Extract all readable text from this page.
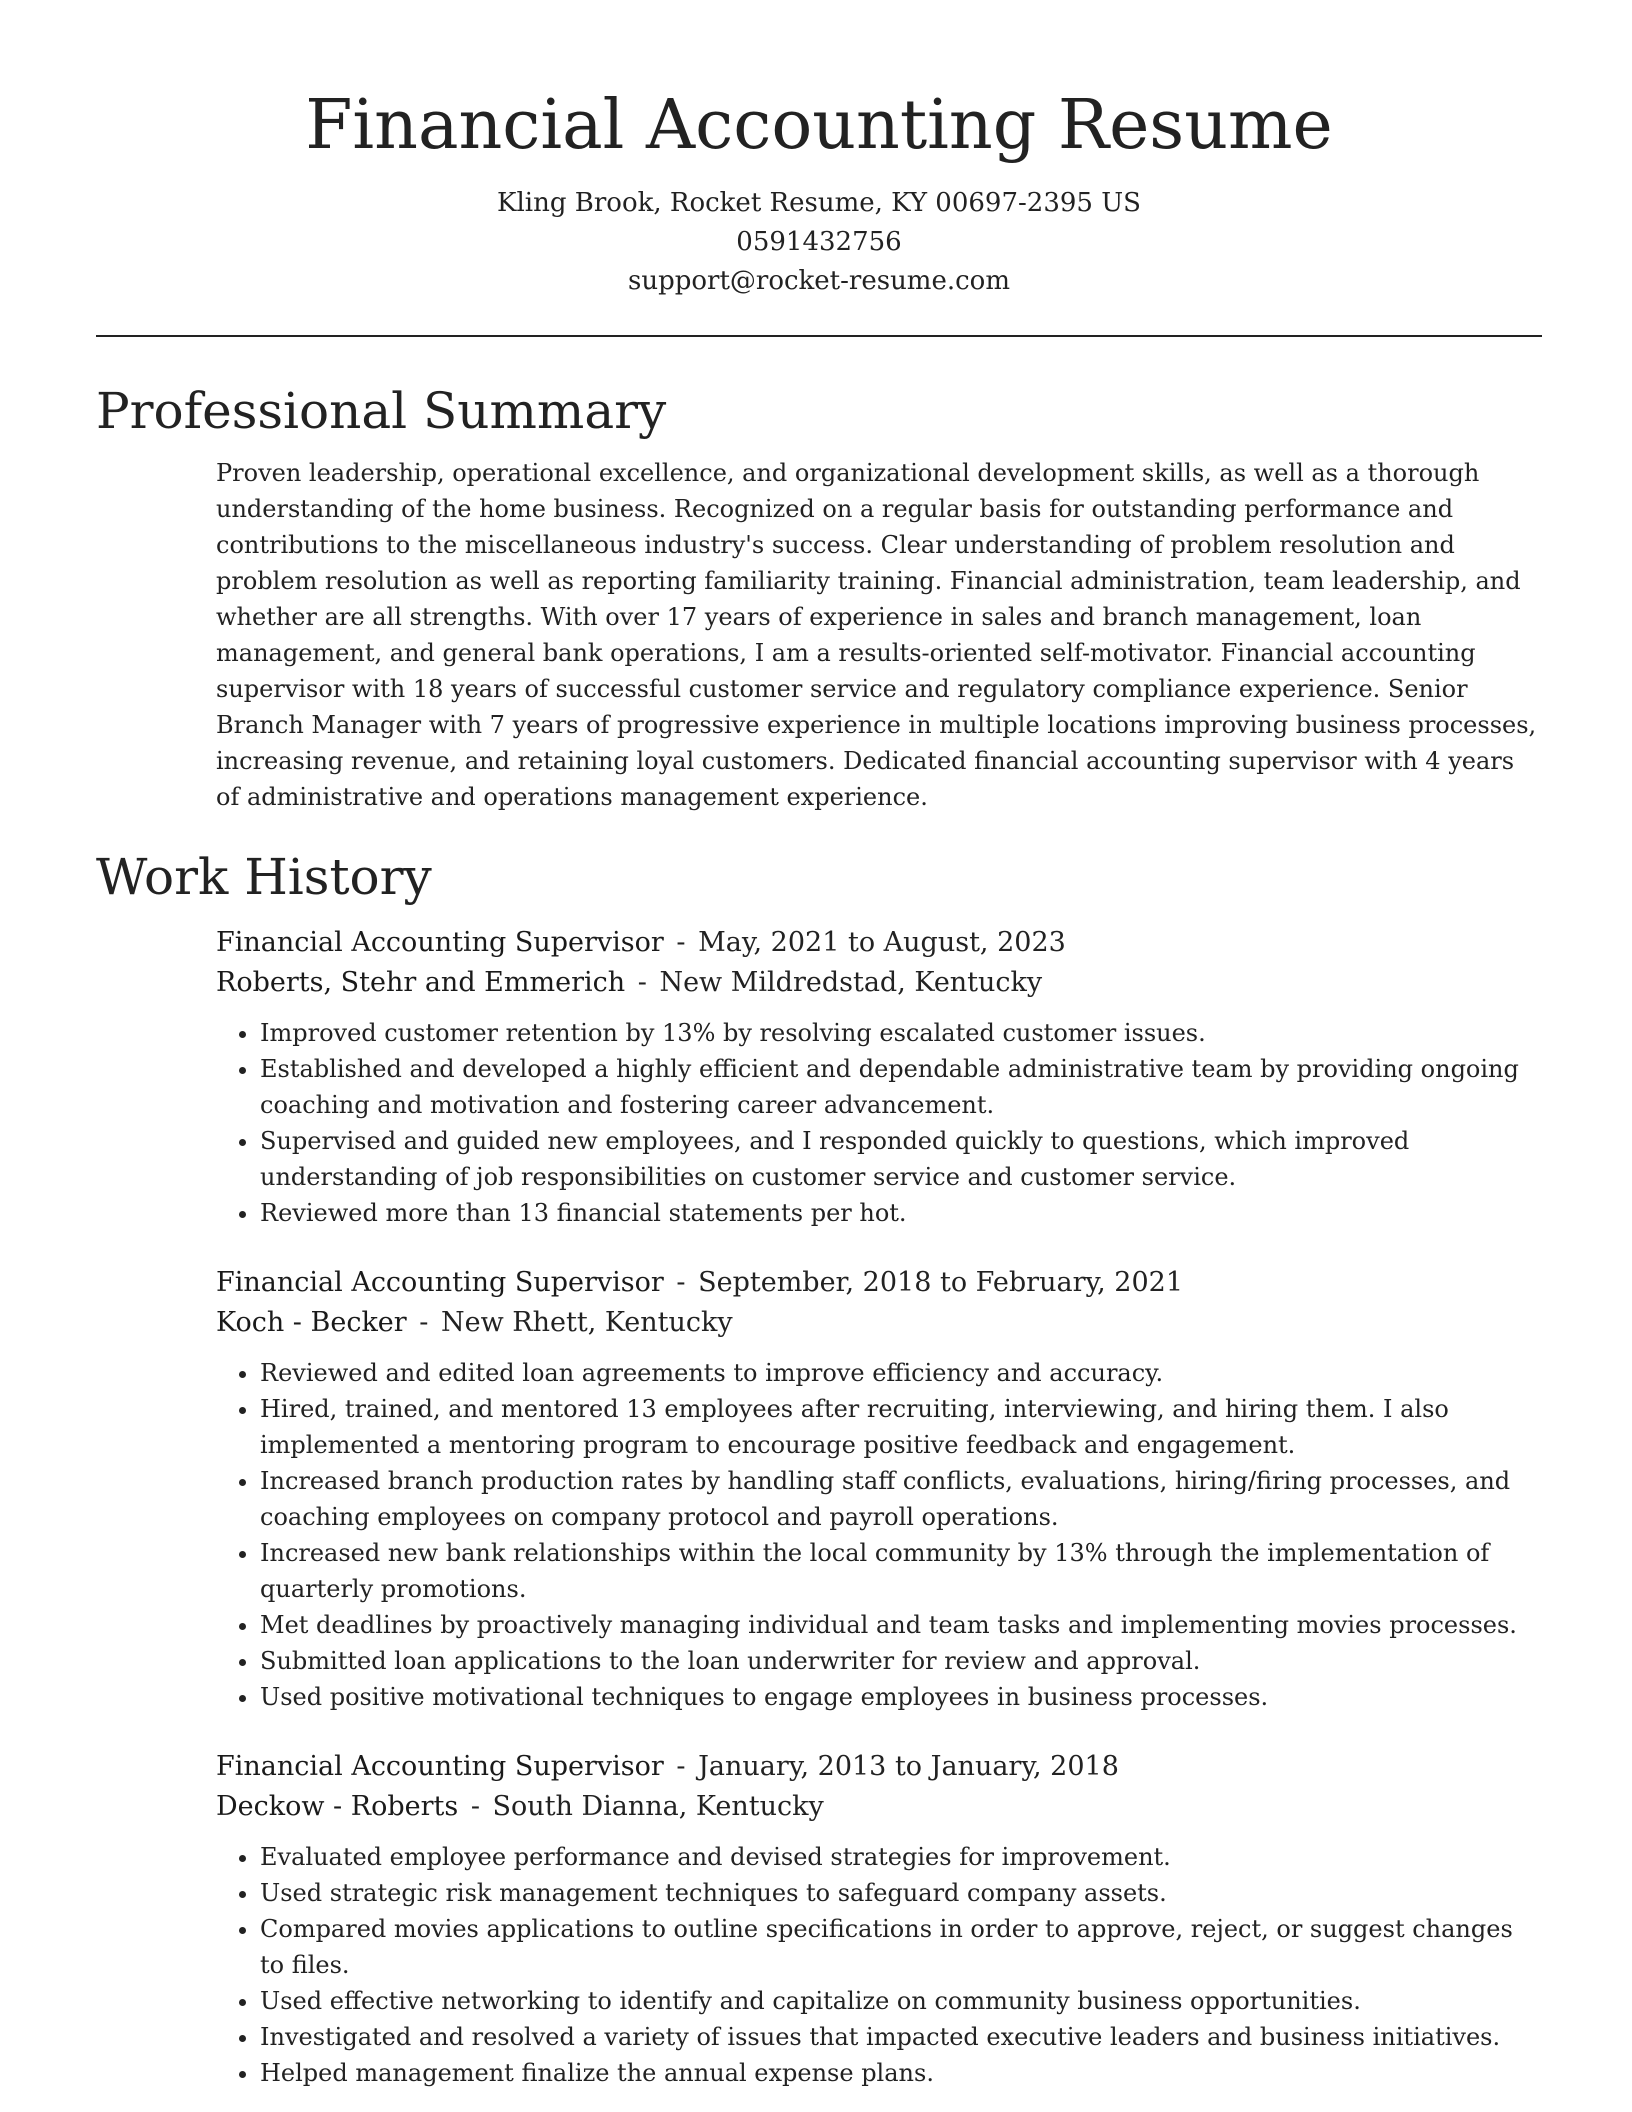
Financial Accounting Resume
Kling Brook, Rocket Resume, KY 00697-2395 US
0591432756
support@rocket-resume.com
Professional Summary
Proven leadership, operational excellence, and organizational development skills, as well as a thorough understanding of the home business. Recognized on a regular basis for outstanding performance and contributions to the miscellaneous industry's success. Clear understanding of problem resolution and problem resolution as well as reporting familiarity training. Financial administration, team leadership, and whether are all strengths. With over 17 years of experience in sales and branch management, loan management, and general bank operations, I am a results-oriented self-motivator. Financial accounting supervisor with 18 years of successful customer service and regulatory compliance experience. Senior Branch Manager with 7 years of progressive experience in multiple locations improving business processes, increasing revenue, and retaining loyal customers. Dedicated financial accounting supervisor with 4 years of administrative and operations management experience.
Work History
Financial Accounting Supervisor - May, 2021 to August, 2023
Roberts, Stehr and Emmerich - New Mildredstad, Kentucky
• Improved customer retention by 13% by resolving escalated customer issues.
• Established and developed a highly efficient and dependable administrative team by providing ongoing coaching and motivation and fostering career advancement.
• Supervised and guided new employees, and I responded quickly to questions, which improved understanding of job responsibilities on customer service and customer service.
• Reviewed more than 13 financial statements per hot.
Financial Accounting Supervisor - September, 2018 to February, 2021
Koch - Becker - New Rhett, Kentucky
• Reviewed and edited loan agreements to improve efficiency and accuracy.
• Hired, trained, and mentored 13 employees after recruiting, interviewing, and hiring them. I also implemented a mentoring program to encourage positive feedback and engagement.
• Increased branch production rates by handling staff conflicts, evaluations, hiring/firing processes, and coaching employees on company protocol and payroll operations.
• Increased new bank relationships within the local community by 13% through the implementation of quarterly promotions.
• Met deadlines by proactively managing individual and team tasks and implementing movies processes.
• Submitted loan applications to the loan underwriter for review and approval.
• Used positive motivational techniques to engage employees in business processes.
Financial Accounting Supervisor - January, 2013 to January, 2018
Deckow - Roberts - South Dianna, Kentucky
• Evaluated employee performance and devised strategies for improvement.
• Used strategic risk management techniques to safeguard company assets.
• Compared movies applications to outline specifications in order to approve, reject, or suggest changes to files.
• Used effective networking to identify and capitalize on community business opportunities.
• Investigated and resolved a variety of issues that impacted executive leaders and business initiatives.
• Helped management finalize the annual expense plans.
